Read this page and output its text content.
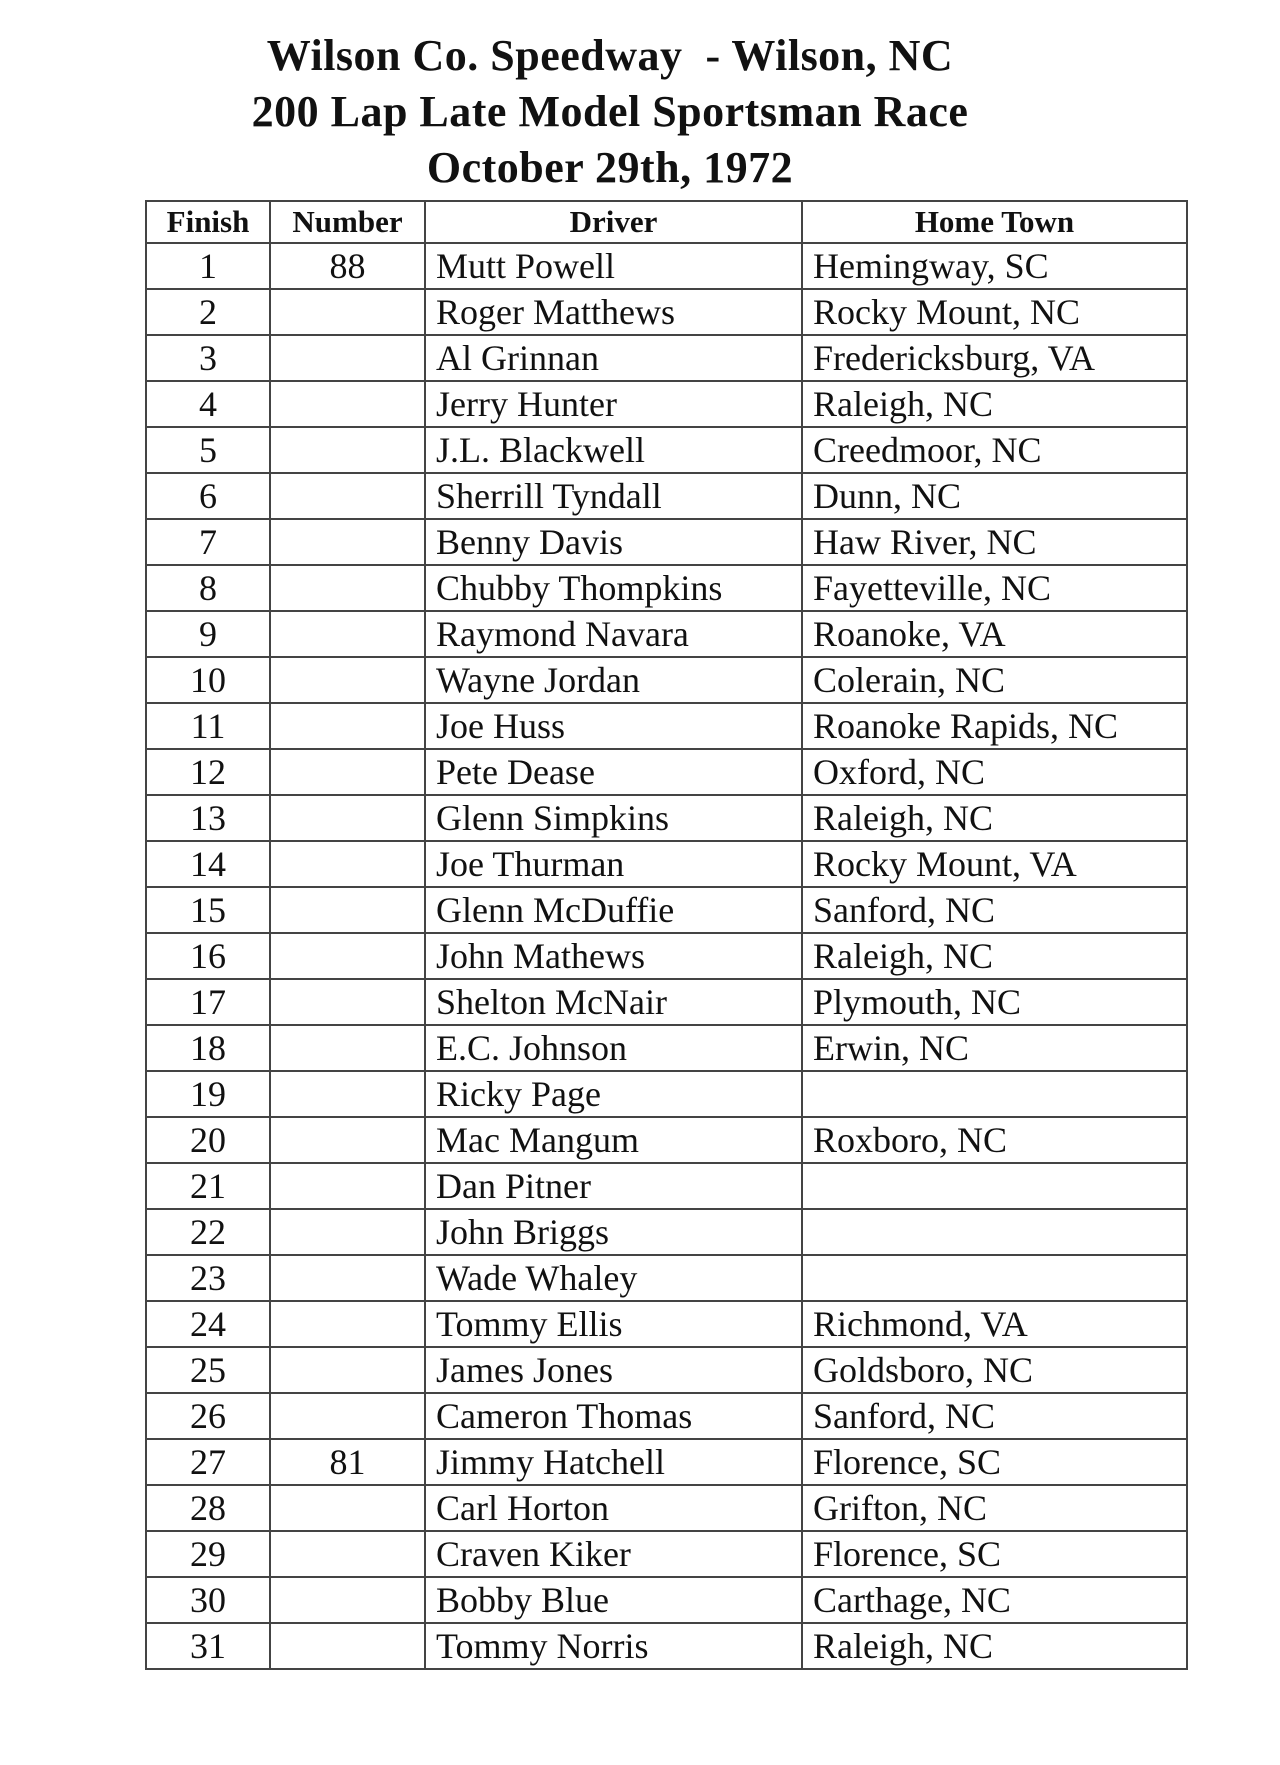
Wilson Co. Speedway  - Wilson, NC
200 Lap Late Model Sportsman Race
October 29th, 1972
Finish	Number	Driver	Home Town
1	88	Mutt Powell	Hemingway, SC
2		Roger Matthews	Rocky Mount, NC
3		Al Grinnan	Fredericksburg, VA
4		Jerry Hunter	Raleigh, NC
5		J.L. Blackwell	Creedmoor, NC
6		Sherrill Tyndall	Dunn, NC
7		Benny Davis	Haw River, NC
8		Chubby Thompkins	Fayetteville, NC
9		Raymond Navara	Roanoke, VA
10		Wayne Jordan	Colerain, NC
11		Joe Huss	Roanoke Rapids, NC
12		Pete Dease	Oxford, NC
13		Glenn Simpkins	Raleigh, NC
14		Joe Thurman	Rocky Mount, VA
15		Glenn McDuffie	Sanford, NC
16		John Mathews	Raleigh, NC
17		Shelton McNair	Plymouth, NC
18		E.C. Johnson	Erwin, NC
19		Ricky Page	
20		Mac Mangum	Roxboro, NC
21		Dan Pitner	
22		John Briggs	
23		Wade Whaley	
24		Tommy Ellis	Richmond, VA
25		James Jones	Goldsboro, NC
26		Cameron Thomas	Sanford, NC
27	81	Jimmy Hatchell	Florence, SC
28		Carl Horton	Grifton, NC
29		Craven Kiker	Florence, SC
30		Bobby Blue	Carthage, NC
31		Tommy Norris	Raleigh, NC
